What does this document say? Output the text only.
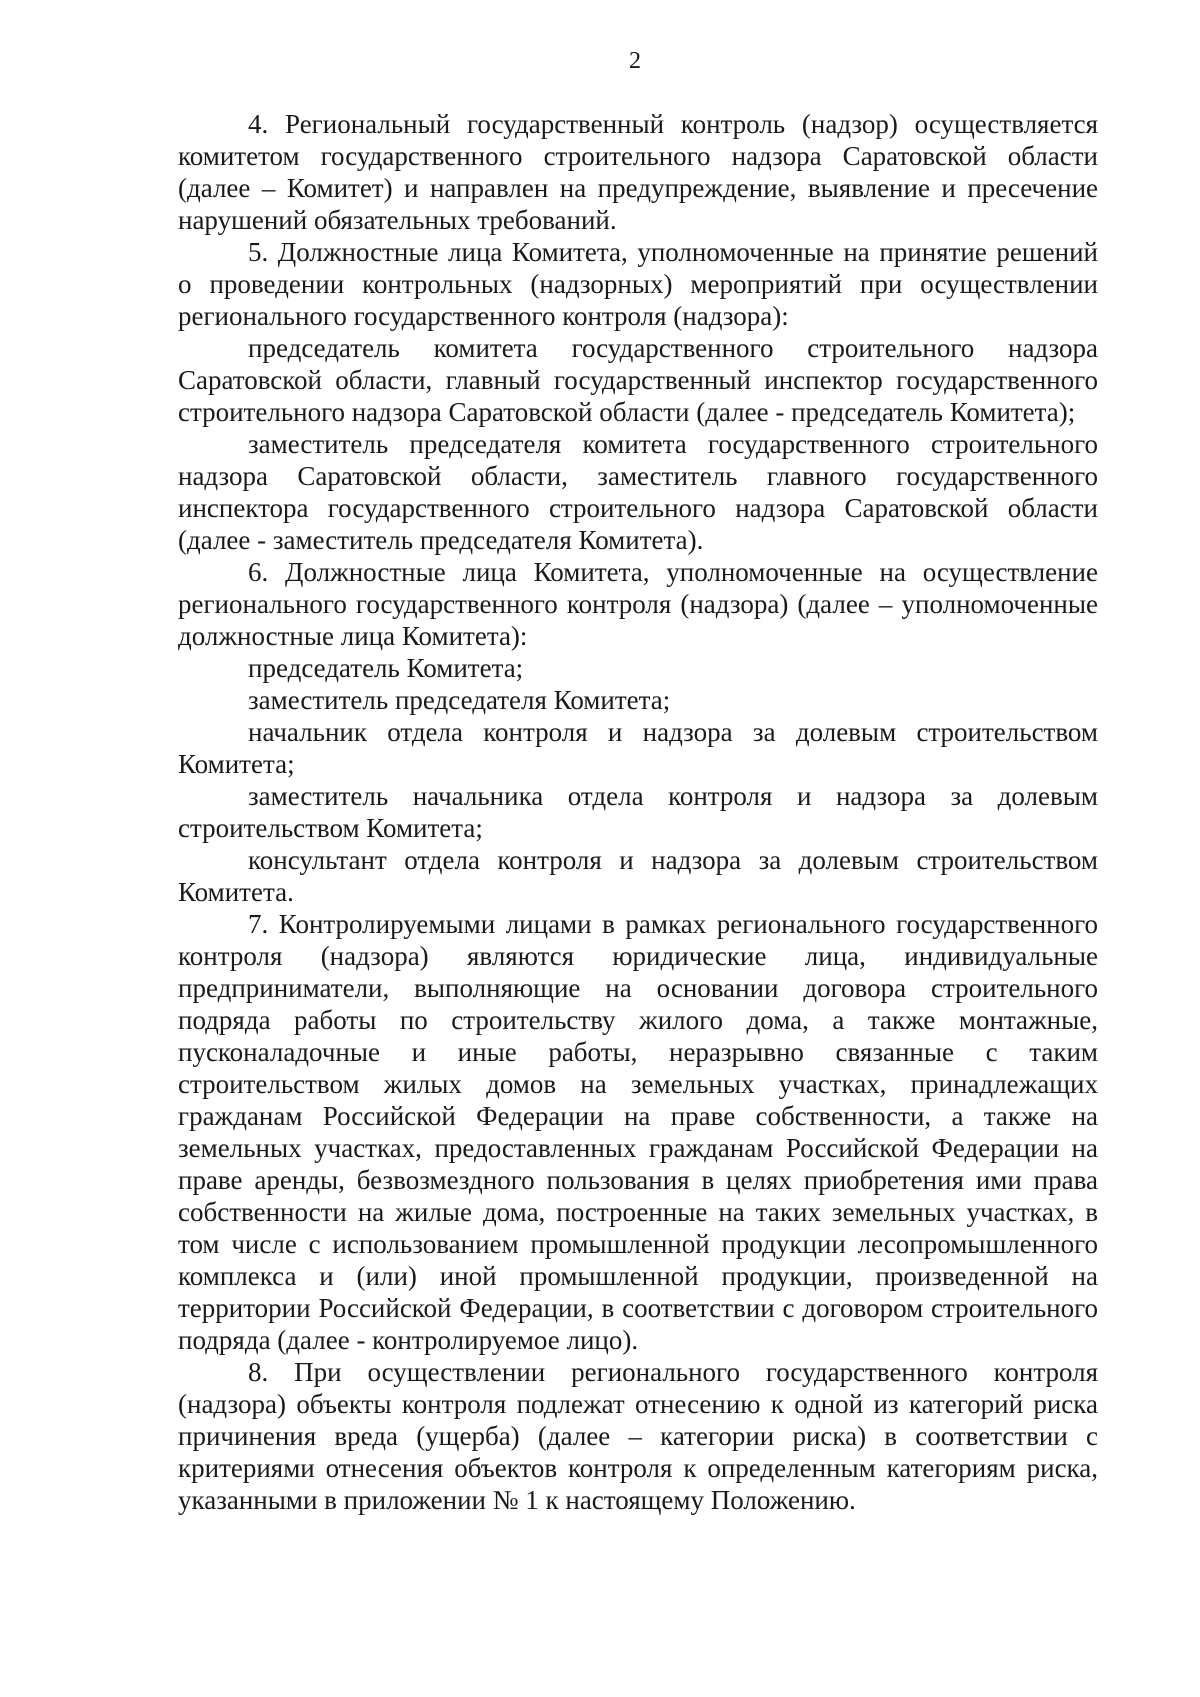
2

4. Региональный государственный контроль (надзор) осуществляется комитетом государственного строительного надзора Саратовской области (далее – Комитет) и направлен на предупреждение, выявление и пресечение нарушений обязательных требований.

5. Должностные лица Комитета, уполномоченные на принятие решений о проведении контрольных (надзорных) мероприятий при осуществлении регионального государственного контроля (надзора):

председатель комитета государственного строительного надзора Саратовской области, главный государственный инспектор государственного строительного надзора Саратовской области (далее - председатель Комитета);

заместитель председателя комитета государственного строительного надзора Саратовской области, заместитель главного государственного инспектора государственного строительного надзора Саратовской области (далее - заместитель председателя Комитета).

6. Должностные лица Комитета, уполномоченные на осуществление регионального государственного контроля (надзора) (далее – уполномоченные должностные лица Комитета):

председатель Комитета;

заместитель председателя Комитета;

начальник отдела контроля и надзора за долевым строительством Комитета;

заместитель начальника отдела контроля и надзора за долевым строительством Комитета;

консультант отдела контроля и надзора за долевым строительством Комитета.

7. Контролируемыми лицами в рамках регионального государственного контроля (надзора) являются юридические лица, индивидуальные предприниматели, выполняющие на основании договора строительного подряда работы по строительству жилого дома, а также монтажные, пусконаладочные и иные работы, неразрывно связанные с таким строительством жилых домов на земельных участках, принадлежащих гражданам Российской Федерации на праве собственности, а также на земельных участках, предоставленных гражданам Российской Федерации на праве аренды, безвозмездного пользования в целях приобретения ими права собственности на жилые дома, построенные на таких земельных участках, в том числе с использованием промышленной продукции лесопромышленного комплекса и (или) иной промышленной продукции, произведенной на территории Российской Федерации, в соответствии с договором строительного подряда (далее - контролируемое лицо).

8. При осуществлении регионального государственного контроля (надзора) объекты контроля подлежат отнесению к одной из категорий риска причинения вреда (ущерба) (далее – категории риска) в соответствии с критериями отнесения объектов контроля к определенным категориям риска, указанными в приложении № 1 к настоящему Положению.
